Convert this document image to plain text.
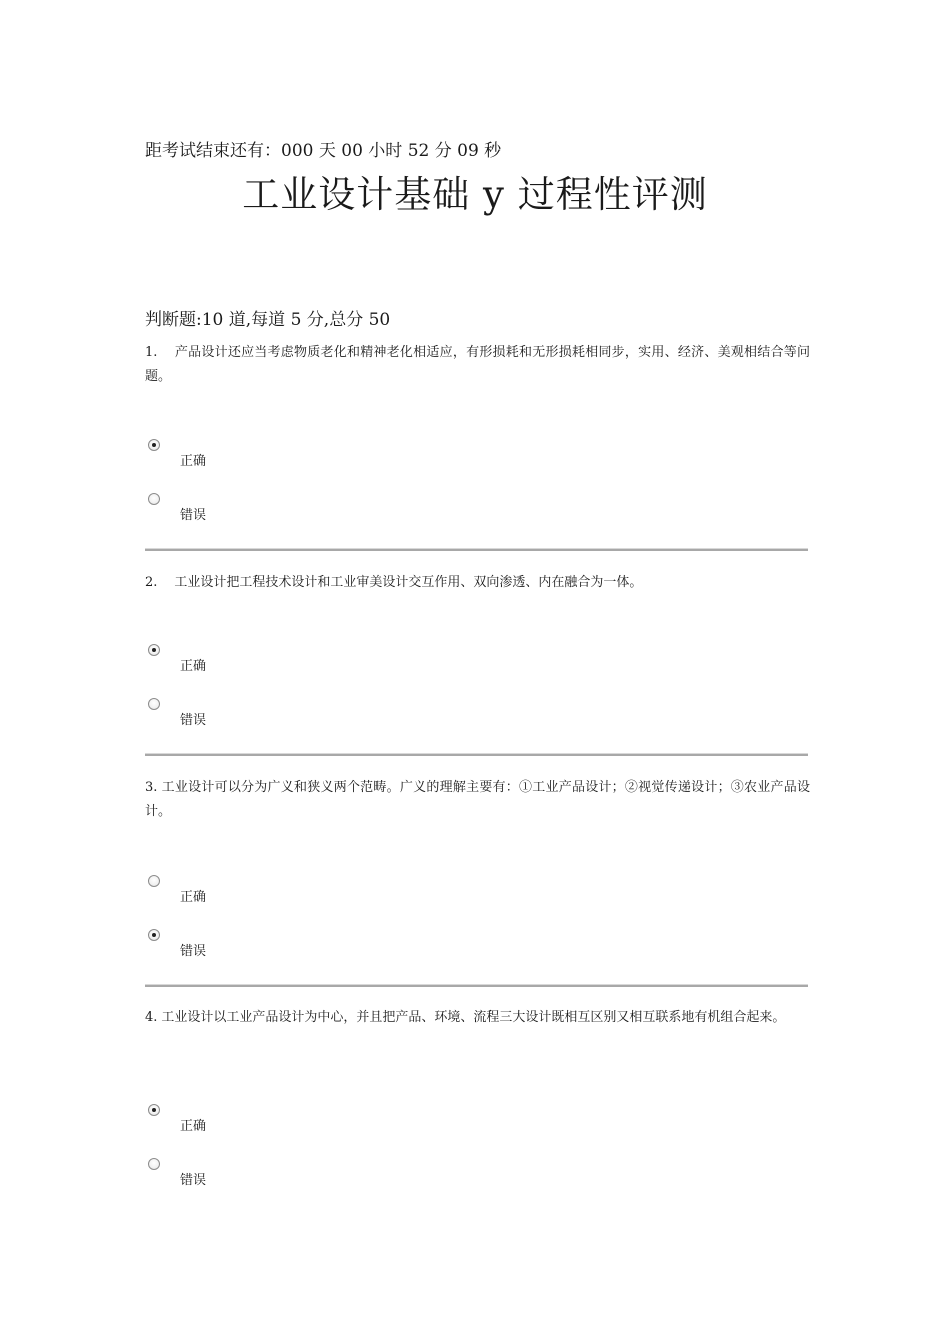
距考试结束还有：000 天 00 小时 52 分 09 秒
工业设计基础 y 过程性评测
判断题:10 道,每道 5 分,总分 50

1.　 产品设计还应当考虑物质老化和精神老化相适应，有形损耗和无形损耗相同步，实用、经济、美观相结合等问题。

正确
错误

2.　 工业设计把工程技术设计和工业审美设计交互作用、双向渗透、内在融合为一体。

正确
错误

3. 工业设计可以分为广义和狭义两个范畴。广义的理解主要有：①工业产品设计；②视觉传递设计；③农业产品设计。

正确
错误

4. 工业设计以工业产品设计为中心，并且把产品、环境、流程三大设计既相互区别又相互联系地有机组合起来。

正确
错误
